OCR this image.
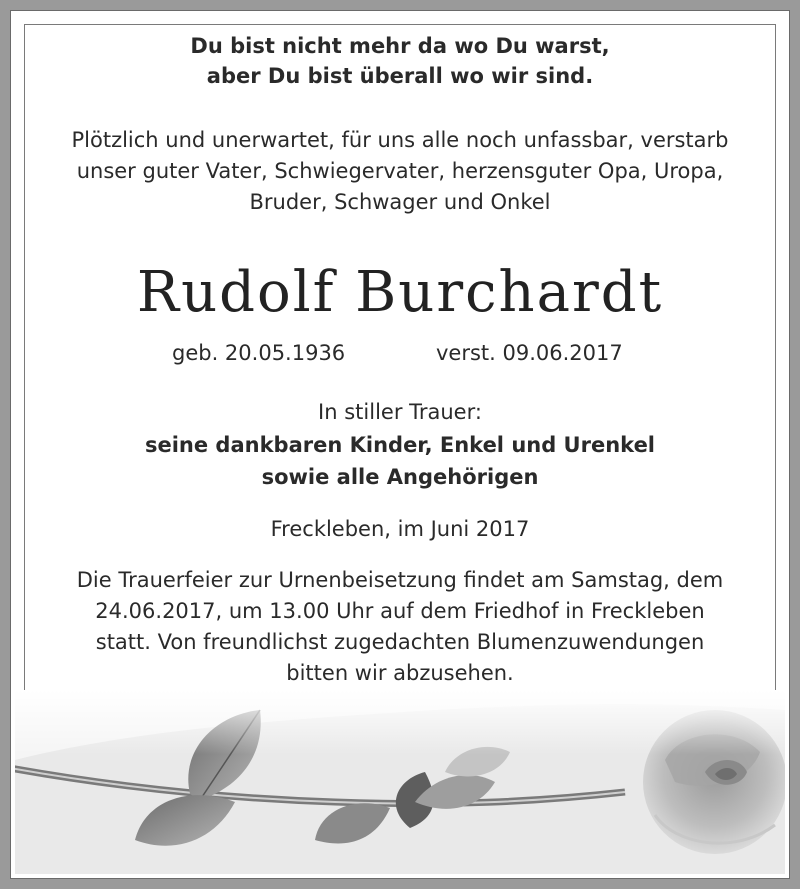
Du bist nicht mehr da wo Du warst,
aber Du bist überall wo wir sind.
Plötzlich und unerwartet, für uns alle noch unfassbar, verstarb
unser guter Vater, Schwiegervater, herzensguter Opa, Uropa,
Bruder, Schwager und Onkel
Rudolf Burchardt
geb. 20.05.1936	verst. 09.06.2017
In stiller Trauer:
seine dankbaren Kinder, Enkel und Urenkel
sowie alle Angehörigen
Freckleben, im Juni 2017
Die Trauerfeier zur Urnenbeisetzung findet am Samstag, dem
24.06.2017, um 13.00 Uhr auf dem Friedhof in Freckleben
statt. Von freundlichst zugedachten Blumenzuwendungen
bitten wir abzusehen.
